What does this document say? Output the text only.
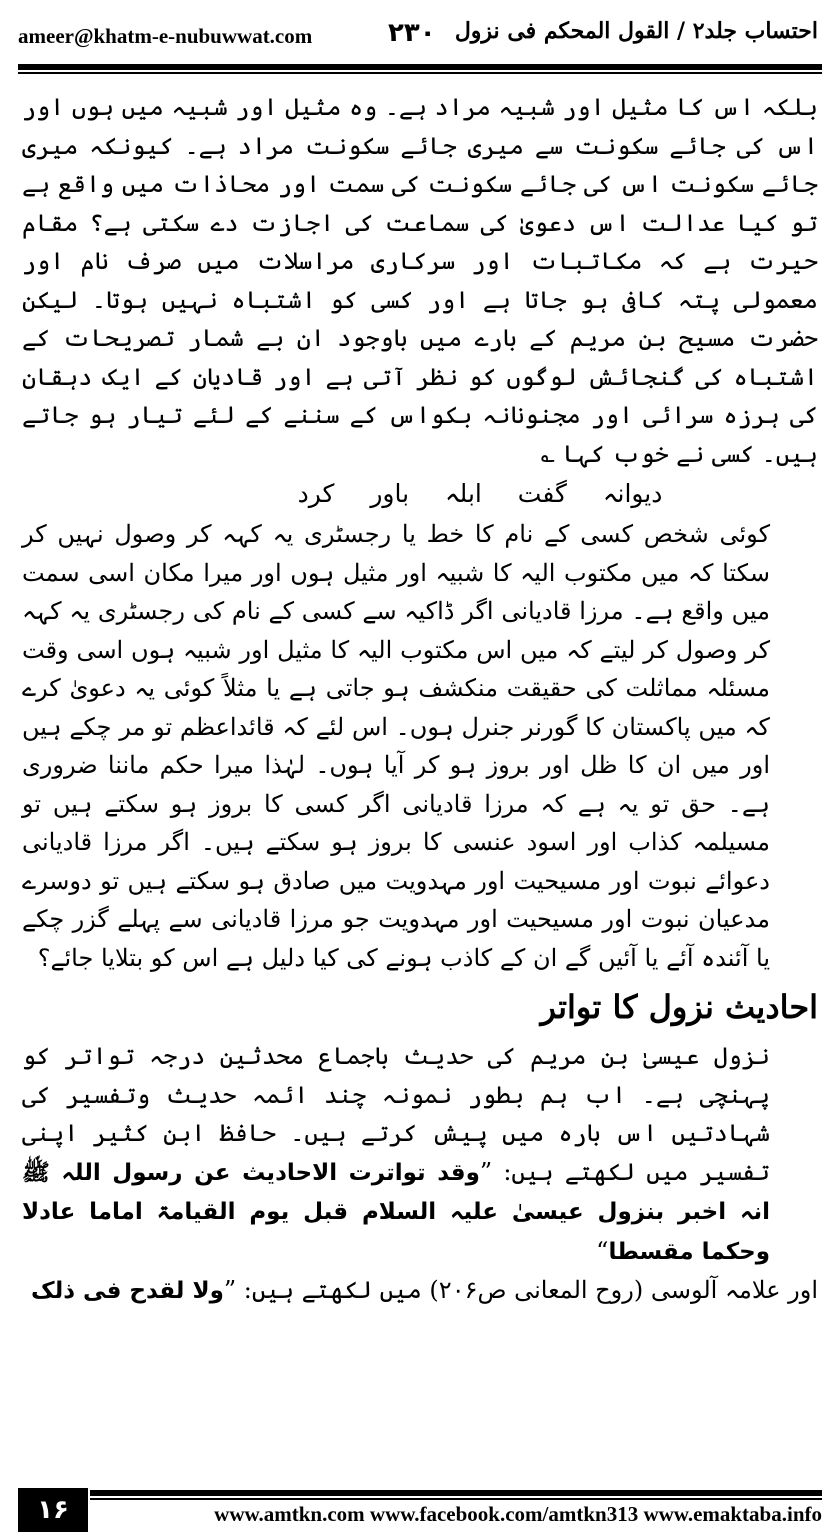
ameer@khatm-e-nubuwwat.com	۲۳۰ احتساب جلد۲ / القول المحکم فی نزول

بلکہ اس کا مثیل اور شبیہ مراد ہے۔ وہ مثیل اور شبیہ میں ہوں اور اس کی جائے سکونت سے میری جائے سکونت مراد ہے۔ کیونکہ میری جائے سکونت اس کی جائے سکونت کی سمت اور محاذات میں واقع ہے تو کیا عدالت اس دعویٰ کی سماعت کی اجازت دے سکتی ہے؟ مقام حیرت ہے کہ مکاتبات اور سرکاری مراسلات میں صرف نام اور معمولی پتہ کافی ہو جاتا ہے اور کسی کو اشتباہ نہیں ہوتا۔ لیکن حضرت مسیح بن مریم کے بارے میں باوجود ان بے شمار تصریحات کے اشتباہ کی گنجائش لوگوں کو نظر آتی ہے اور قادیان کے ایک دہقان کی ہرزہ سرائی اور مجنونانہ بکواس کے سننے کے لئے تیار ہو جاتے ہیں۔ کسی نے خوب کہا ؎

دیوانہ گفت ابلہ باور کرد

کوئی شخص کسی کے نام کا خط یا رجسٹری یہ کہہ کر وصول نہیں کر سکتا کہ میں مکتوب الیہ کا شبیہ اور مثیل ہوں اور میرا مکان اسی سمت میں واقع ہے۔ مرزا قادیانی اگر ڈاکیہ سے کسی کے نام کی رجسٹری یہ کہہ کر وصول کر لیتے کہ میں اس مکتوب الیہ کا مثیل اور شبیہ ہوں اسی وقت مسئلہ مماثلت کی حقیقت منکشف ہو جاتی ہے یا مثلاً کوئی یہ دعویٰ کرے کہ میں پاکستان کا گورنر جنرل ہوں۔ اس لئے کہ قائداعظم تو مر چکے ہیں اور میں ان کا ظل اور بروز ہو کر آیا ہوں۔ لہٰذا میرا حکم ماننا ضروری ہے۔ حق تو یہ ہے کہ مرزا قادیانی اگر کسی کا بروز ہو سکتے ہیں تو مسیلمہ کذاب اور اسود عنسی کا بروز ہو سکتے ہیں۔ اگر مرزا قادیانی دعوائے نبوت اور مسیحیت اور مہدویت میں صادق ہو سکتے ہیں تو دوسرے مدعیان نبوت اور مسیحیت اور مہدویت جو مرزا قادیانی سے پہلے گزر چکے یا آئندہ آئے یا آئیں گے ان کے کاذب ہونے کی کیا دلیل ہے اس کو بتلایا جائے؟

احادیث نزول کا تواتر

نزول عیسیٰ بن مریم کی حدیث باجماع محدثین درجہ تواتر کو پہنچی ہے۔ اب ہم بطور نمونہ چند ائمہ حدیث وتفسیر کی شہادتیں اس بارہ میں پیش کرتے ہیں۔ حافظ ابن کثیر اپنی تفسیر میں لکھتے ہیں: ”وقد تواترت الاحادیث عن رسول اللہ ﷺ انہ اخبر بنزول عیسیٰ علیہ السلام قبل یوم القیامۃ اماما عادلا وحکما مقسطا“

اور علامہ آلوسی (روح المعانی ص۲۰۶) میں لکھتے ہیں: ”ولا لقدح فی ذلک

۱۶	www.amtkn.com www.facebook.com/amtkn313 www.emaktaba.info
